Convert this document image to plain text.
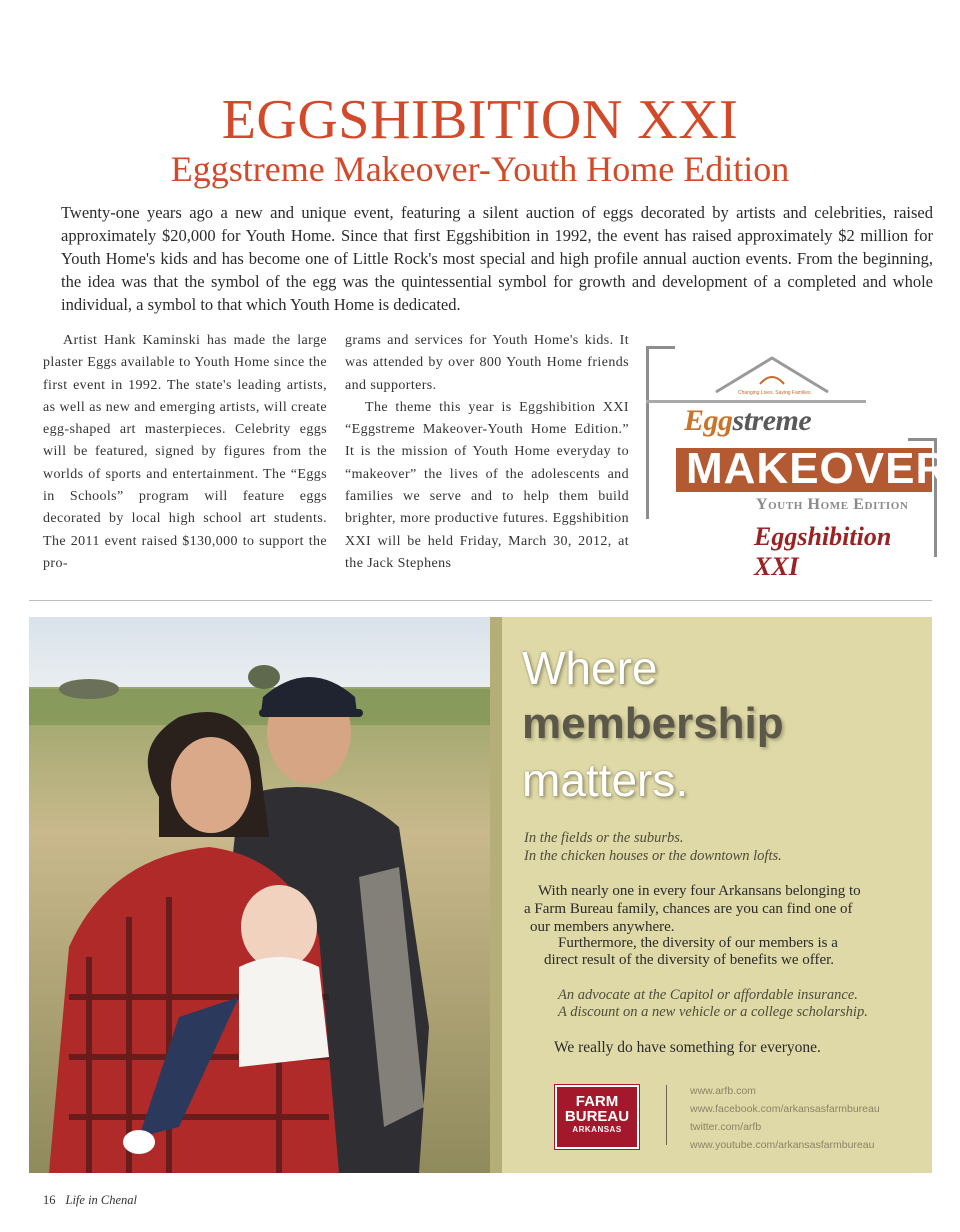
EGGSHIBITION XXI
Eggstreme Makeover-Youth Home Edition

Twenty-one years ago a new and unique event, featuring a silent auction of eggs decorated by artists and celebrities, raised approximately $20,000 for Youth Home. Since that first Eggshibition in 1992, the event has raised approximately $2 million for Youth Home's kids and has become one of Little Rock's most special and high profile annual auction events. From the beginning, the idea was that the symbol of the egg was the quintessential symbol for growth and development of a completed and whole individual, a symbol to that which Youth Home is dedicated.

Artist Hank Kaminski has made the large plaster Eggs available to Youth Home since the first event in 1992. The state's leading artists, as well as new and emerging artists, will create egg-shaped art masterpieces. Celebrity eggs will be featured, signed by figures from the worlds of sports and entertainment. The “Eggs in Schools” program will feature eggs decorated by local high school art students. The 2011 event raised $130,000 to support the pro-

grams and services for Youth Home's kids. It was attended by over 800 Youth Home friends and supporters.

The theme this year is Eggshibition XXI “Eggstreme Makeover-Youth Home Edition.” It is the mission of Youth Home everyday to “makeover” the lives of the adolescents and families we serve and to help them build brighter, more productive futures. Eggshibition XXI will be held Friday, March 30, 2012, at the Jack Stephens

Changing Lives. Saving Families.
Eggstreme
MAKEOVER
Youth Home Edition
Eggshibition XXI
Where
membership
matters.
In the fields or the suburbs.
In the chicken houses or the downtown lofts.
With nearly one in every four Arkansans belonging to
a Farm Bureau family, chances are you can find one of
our members anywhere.
Furthermore, the diversity of our members is a
direct result of the diversity of benefits we offer.
An advocate at the Capitol or affordable insurance.
A discount on a new vehicle or a college scholarship.
We really do have something for everyone.
FARM
BUREAU
ARKANSAS
www.arfb.com
www.facebook.com/arkansasfarmbureau
twitter.com/arfb
www.youtube.com/arkansasfarmbureau
16 Life in Chenal
